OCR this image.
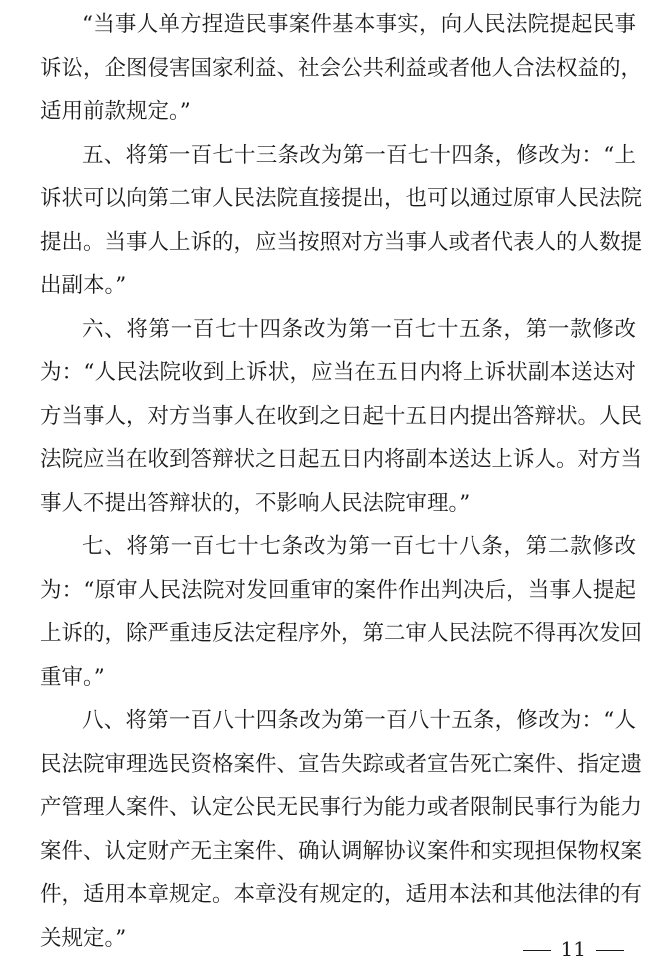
“当事人单方捏造民事案件基本事实，向人民法院提起民事
诉讼，企图侵害国家利益、社会公共利益或者他人合法权益的，
适用前款规定。”
五、将第一百七十三条改为第一百七十四条，修改为：“上
诉状可以向第二审人民法院直接提出，也可以通过原审人民法院
提出。当事人上诉的，应当按照对方当事人或者代表人的人数提
出副本。”
六、将第一百七十四条改为第一百七十五条，第一款修改
为：“人民法院收到上诉状，应当在五日内将上诉状副本送达对
方当事人，对方当事人在收到之日起十五日内提出答辩状。人民
法院应当在收到答辩状之日起五日内将副本送达上诉人。对方当
事人不提出答辩状的，不影响人民法院审理。”
七、将第一百七十七条改为第一百七十八条，第二款修改
为：“原审人民法院对发回重审的案件作出判决后，当事人提起
上诉的，除严重违反法定程序外，第二审人民法院不得再次发回
重审。”
八、将第一百八十四条改为第一百八十五条，修改为：“人
民法院审理选民资格案件、宣告失踪或者宣告死亡案件、指定遗
产管理人案件、认定公民无民事行为能力或者限制民事行为能力
案件、认定财产无主案件、确认调解协议案件和实现担保物权案
件，适用本章规定。本章没有规定的，适用本法和其他法律的有
关规定。”	11
